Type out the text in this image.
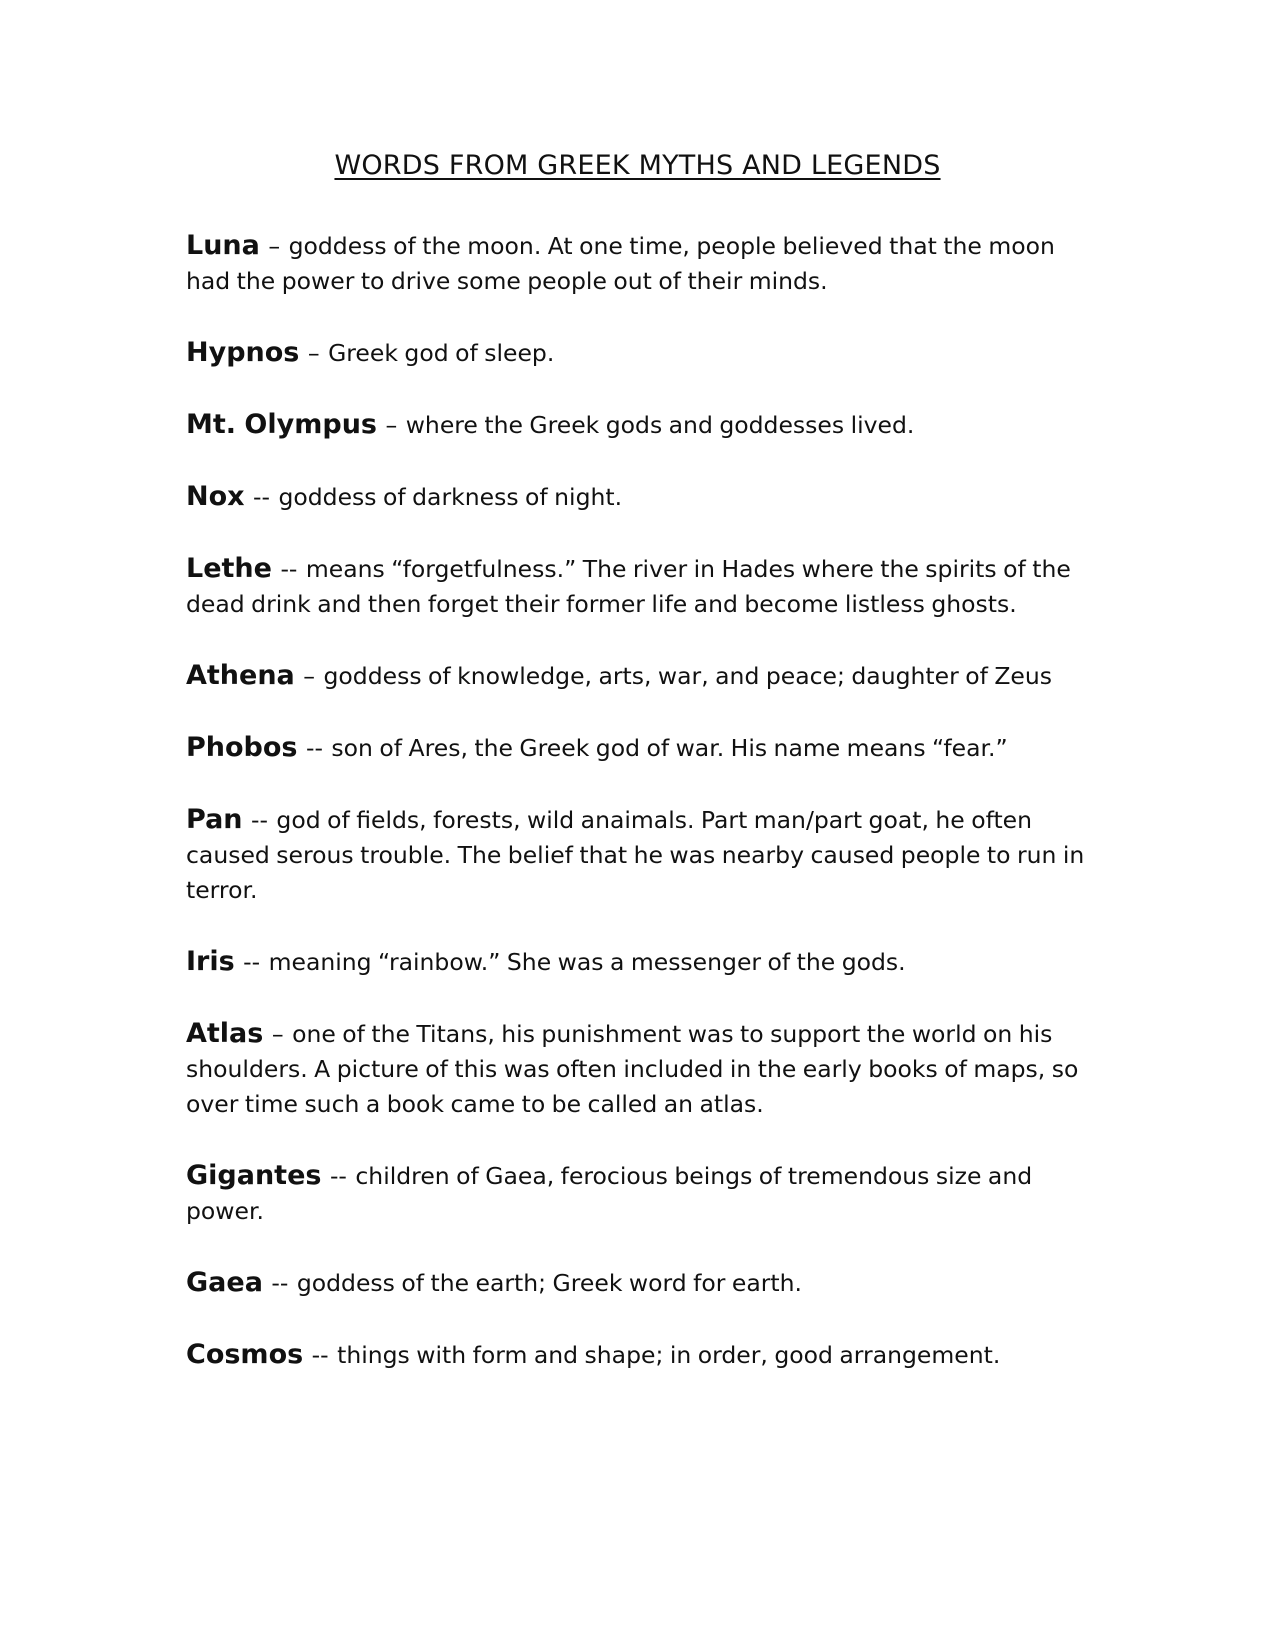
WORDS FROM GREEK MYTHS AND LEGENDS

Luna – goddess of the moon. At one time, people believed that the moon had the power to drive some people out of their minds.

Hypnos – Greek god of sleep.

Mt. Olympus – where the Greek gods and goddesses lived.

Nox -- goddess of darkness of night.

Lethe -- means “forgetfulness.” The river in Hades where the spirits of the dead drink and then forget their former life and become listless ghosts.

Athena – goddess of knowledge, arts, war, and peace; daughter of Zeus

Phobos -- son of Ares, the Greek god of war. His name means “fear.”

Pan -- god of fields, forests, wild anaimals. Part man/part goat, he often caused serous trouble. The belief that he was nearby caused people to run in terror.

Iris -- meaning “rainbow.” She was a messenger of the gods.

Atlas – one of the Titans, his punishment was to support the world on his shoulders. A picture of this was often included in the early books of maps, so over time such a book came to be called an atlas.

Gigantes -- children of Gaea, ferocious beings of tremendous size and power.

Gaea -- goddess of the earth; Greek word for earth.

Cosmos -- things with form and shape; in order, good arrangement.
